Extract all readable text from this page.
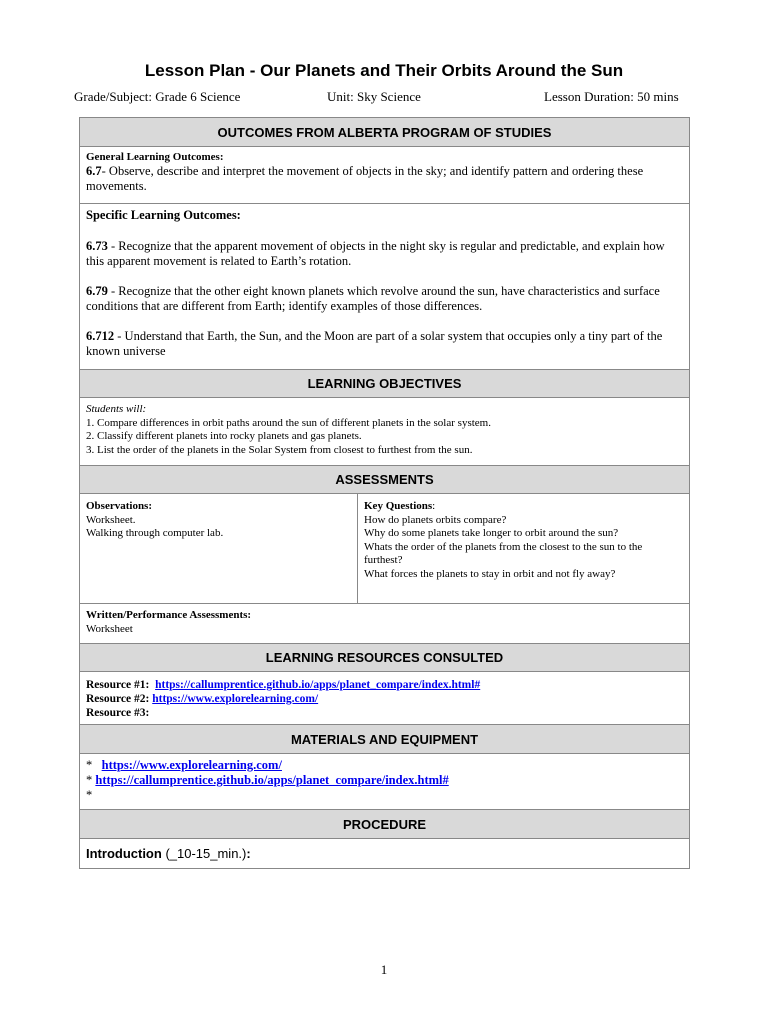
Lesson Plan - Our Planets and Their Orbits Around the Sun
Grade/Subject: Grade 6 Science	Unit: Sky Science	Lesson Duration: 50 mins
OUTCOMES FROM ALBERTA PROGRAM OF STUDIES

General Learning Outcomes:
6.7- Observe, describe and interpret the movement of objects in the sky; and identify pattern and ordering these movements.

Specific Learning Outcomes:

6.73 - Recognize that the apparent movement of objects in the night sky is regular and predictable, and explain how this apparent movement is related to Earth’s rotation.

6.79 - Recognize that the other eight known planets which revolve around the sun, have characteristics and surface conditions that are different from Earth; identify examples of those differences.

6.712 - Understand that Earth, the Sun, and the Moon are part of a solar system that occupies only a tiny part of the known universe

LEARNING OBJECTIVES

Students will:
1. Compare differences in orbit paths around the sun of different planets in the solar system.
2. Classify different planets into rocky planets and gas planets.
3. List the order of the planets in the Solar System from closest to furthest from the sun.

ASSESSMENTS

Observations:
Worksheet.
Walking through computer lab.

Key Questions:
How do planets orbits compare?
Why do some planets take longer to orbit around the sun?
Whats the order of the planets from the closest to the sun to the furthest?
What forces the planets to stay in orbit and not fly away?

Written/Performance Assessments:
Worksheet

LEARNING RESOURCES CONSULTED

Resource #1: https://callumprentice.github.io/apps/planet_compare/index.html#
Resource #2: https://www.explorelearning.com/
Resource #3:

MATERIALS AND EQUIPMENT

* https://www.explorelearning.com/
* https://callumprentice.github.io/apps/planet_compare/index.html#
*

PROCEDURE
Introduction (_10-15_min.):
1
